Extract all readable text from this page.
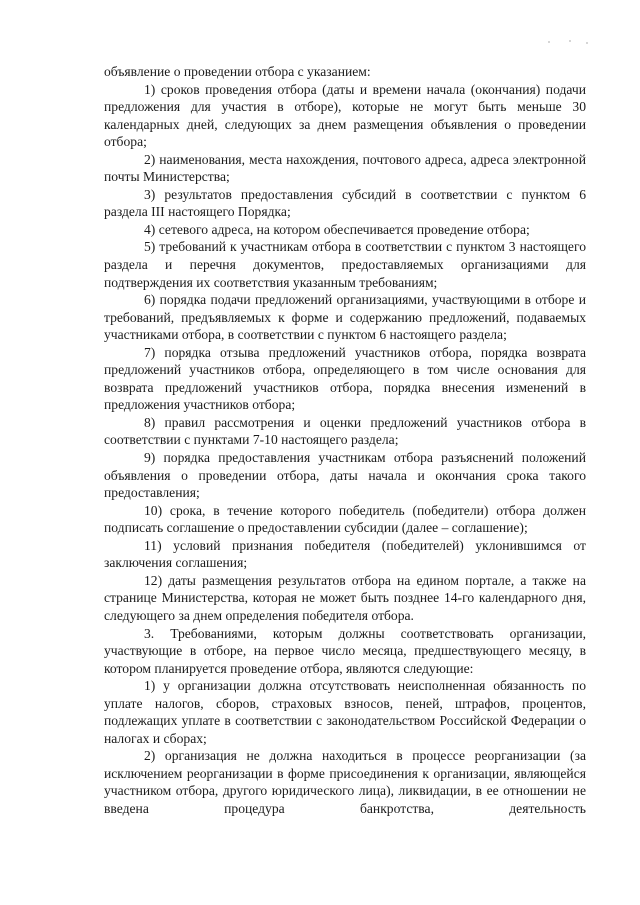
объявление о проведении отбора с указанием:

1) сроков проведения отбора (даты и времени начала (окончания) подачи предложения для участия в отборе), которые не могут быть меньше 30 календарных дней, следующих за днем размещения объявления о проведении отбора;

2) наименования, места нахождения, почтового адреса, адреса электронной почты Министерства;

3) результатов предоставления субсидий в соответствии с пунктом 6 раздела III настоящего Порядка;

4) сетевого адреса, на котором обеспечивается проведение отбора;

5) требований к участникам отбора в соответствии с пунктом 3 настоящего раздела и перечня документов, предоставляемых организациями для подтверждения их соответствия указанным требованиям;

6) порядка подачи предложений организациями, участвующими в отборе и требований, предъявляемых к форме и содержанию предложений, подаваемых участниками отбора, в соответствии с пунктом 6 настоящего раздела;

7) порядка отзыва предложений участников отбора, порядка возврата предложений участников отбора, определяющего в том числе основания для возврата предложений участников отбора, порядка внесения изменений в предложения участников отбора;

8) правил рассмотрения и оценки предложений участников отбора в соответствии с пунктами 7-10 настоящего раздела;

9) порядка предоставления участникам отбора разъяснений положений объявления о проведении отбора, даты начала и окончания срока такого предоставления;

10) срока, в течение которого победитель (победители) отбора должен подписать соглашение о предоставлении субсидии (далее – соглашение);

11) условий признания победителя (победителей) уклонившимся от заключения соглашения;

12) даты размещения результатов отбора на едином портале, а также на странице Министерства, которая не может быть позднее 14-го календарного дня, следующего за днем определения победителя отбора.

3. Требованиями, которым должны соответствовать организации, участвующие в отборе, на первое число месяца, предшествующего месяцу, в котором планируется проведение отбора, являются следующие:

1) у организации должна отсутствовать неисполненная обязанность по уплате налогов, сборов, страховых взносов, пеней, штрафов, процентов, подлежащих уплате в соответствии с законодательством Российской Федерации о налогах и сборах;

2) организация не должна находиться в процессе реорганизации (за исключением реорганизации в форме присоединения к организации, являющейся участником отбора, другого юридического лица), ликвидации, в ее отношении не введена процедура банкротства, деятельность
